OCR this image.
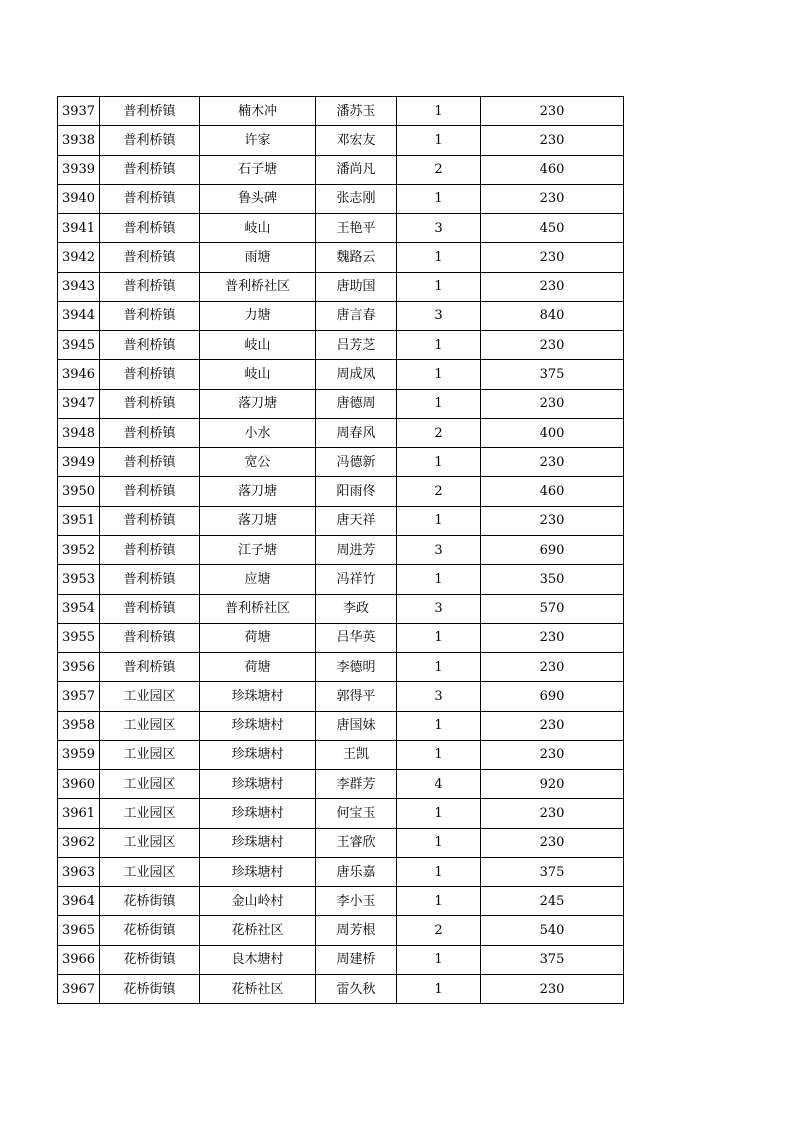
3937	普利桥镇	楠木冲	潘苏玉	1	230
3938	普利桥镇	许家	邓宏友	1	230
3939	普利桥镇	石子塘	潘尚凡	2	460
3940	普利桥镇	鲁头碑	张志刚	1	230
3941	普利桥镇	岐山	王艳平	3	450
3942	普利桥镇	雨塘	魏路云	1	230
3943	普利桥镇	普利桥社区	唐助国	1	230
3944	普利桥镇	力塘	唐言春	3	840
3945	普利桥镇	岐山	吕芳芝	1	230
3946	普利桥镇	岐山	周成凤	1	375
3947	普利桥镇	落刀塘	唐德周	1	230
3948	普利桥镇	小水	周春风	2	400
3949	普利桥镇	宽公	冯德新	1	230
3950	普利桥镇	落刀塘	阳雨佟	2	460
3951	普利桥镇	落刀塘	唐天祥	1	230
3952	普利桥镇	江子塘	周进芳	3	690
3953	普利桥镇	应塘	冯祥竹	1	350
3954	普利桥镇	普利桥社区	李政	3	570
3955	普利桥镇	荷塘	吕华英	1	230
3956	普利桥镇	荷塘	李德明	1	230
3957	工业园区	珍珠塘村	郭得平	3	690
3958	工业园区	珍珠塘村	唐国妹	1	230
3959	工业园区	珍珠塘村	王凯	1	230
3960	工业园区	珍珠塘村	李群芳	4	920
3961	工业园区	珍珠塘村	何宝玉	1	230
3962	工业园区	珍珠塘村	王睿欣	1	230
3963	工业园区	珍珠塘村	唐乐嘉	1	375
3964	花桥街镇	金山岭村	李小玉	1	245
3965	花桥街镇	花桥社区	周芳根	2	540
3966	花桥街镇	良木塘村	周建桥	1	375
3967	花桥街镇	花桥社区	雷久秋	1	230
